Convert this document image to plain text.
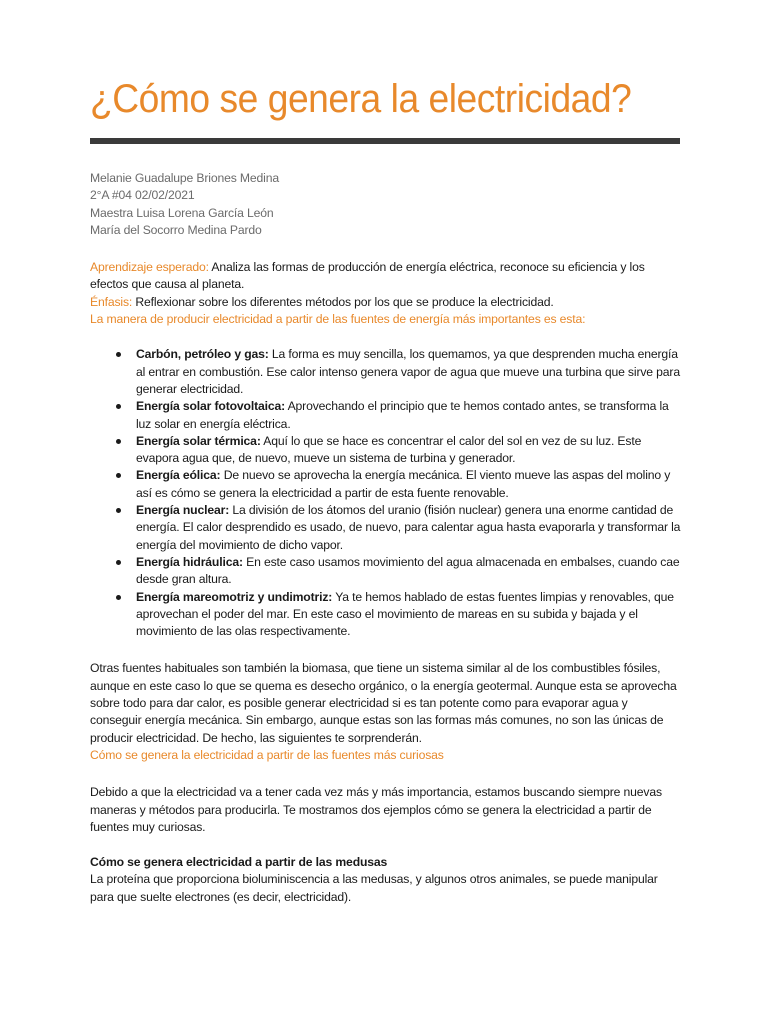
¿Cómo se genera la electricidad?
Melanie Guadalupe Briones Medina
2°A #04 02/02/2021
Maestra Luisa Lorena García León
María del Socorro Medina Pardo

Aprendizaje esperado: Analiza las formas de producción de energía eléctrica, reconoce su eficiencia y los efectos que causa al planeta.

Énfasis: Reflexionar sobre los diferentes métodos por los que se produce la electricidad.

La manera de producir electricidad a partir de las fuentes de energía más importantes es esta:

Carbón, petróleo y gas: La forma es muy sencilla, los quemamos, ya que desprenden mucha energía al entrar en combustión. Ese calor intenso genera vapor de agua que mueve una turbina que sirve para generar electricidad.
Energía solar fotovoltaica: Aprovechando el principio que te hemos contado antes, se transforma la luz solar en energía eléctrica.
Energía solar térmica: Aquí lo que se hace es concentrar el calor del sol en vez de su luz. Este evapora agua que, de nuevo, mueve un sistema de turbina y generador.
Energía eólica: De nuevo se aprovecha la energía mecánica. El viento mueve las aspas del molino y así es cómo se genera la electricidad a partir de esta fuente renovable.
Energía nuclear: La división de los átomos del uranio (fisión nuclear) genera una enorme cantidad de energía. El calor desprendido es usado, de nuevo, para calentar agua hasta evaporarla y transformar la energía del movimiento de dicho vapor.
Energía hidráulica: En este caso usamos movimiento del agua almacenada en embalses, cuando cae desde gran altura.
Energía mareomotriz y undimotriz: Ya te hemos hablado de estas fuentes limpias y renovables, que aprovechan el poder del mar. En este caso el movimiento de mareas en su subida y bajada y el movimiento de las olas respectivamente.

Otras fuentes habituales son también la biomasa, que tiene un sistema similar al de los combustibles fósiles, aunque en este caso lo que se quema es desecho orgánico, o la energía geotermal. Aunque esta se aprovecha sobre todo para dar calor, es posible generar electricidad si es tan potente como para evaporar agua y conseguir energía mecánica. Sin embargo, aunque estas son las formas más comunes, no son las únicas de producir electricidad. De hecho, las siguientes te sorprenderán.

Cómo se genera la electricidad a partir de las fuentes más curiosas

Debido a que la electricidad va a tener cada vez más y más importancia, estamos buscando siempre nuevas maneras y métodos para producirla. Te mostramos dos ejemplos cómo se genera la electricidad a partir de fuentes muy curiosas.

Cómo se genera electricidad a partir de las medusas

La proteína que proporciona bioluminiscencia a las medusas, y algunos otros animales, se puede manipular para que suelte electrones (es decir, electricidad).
